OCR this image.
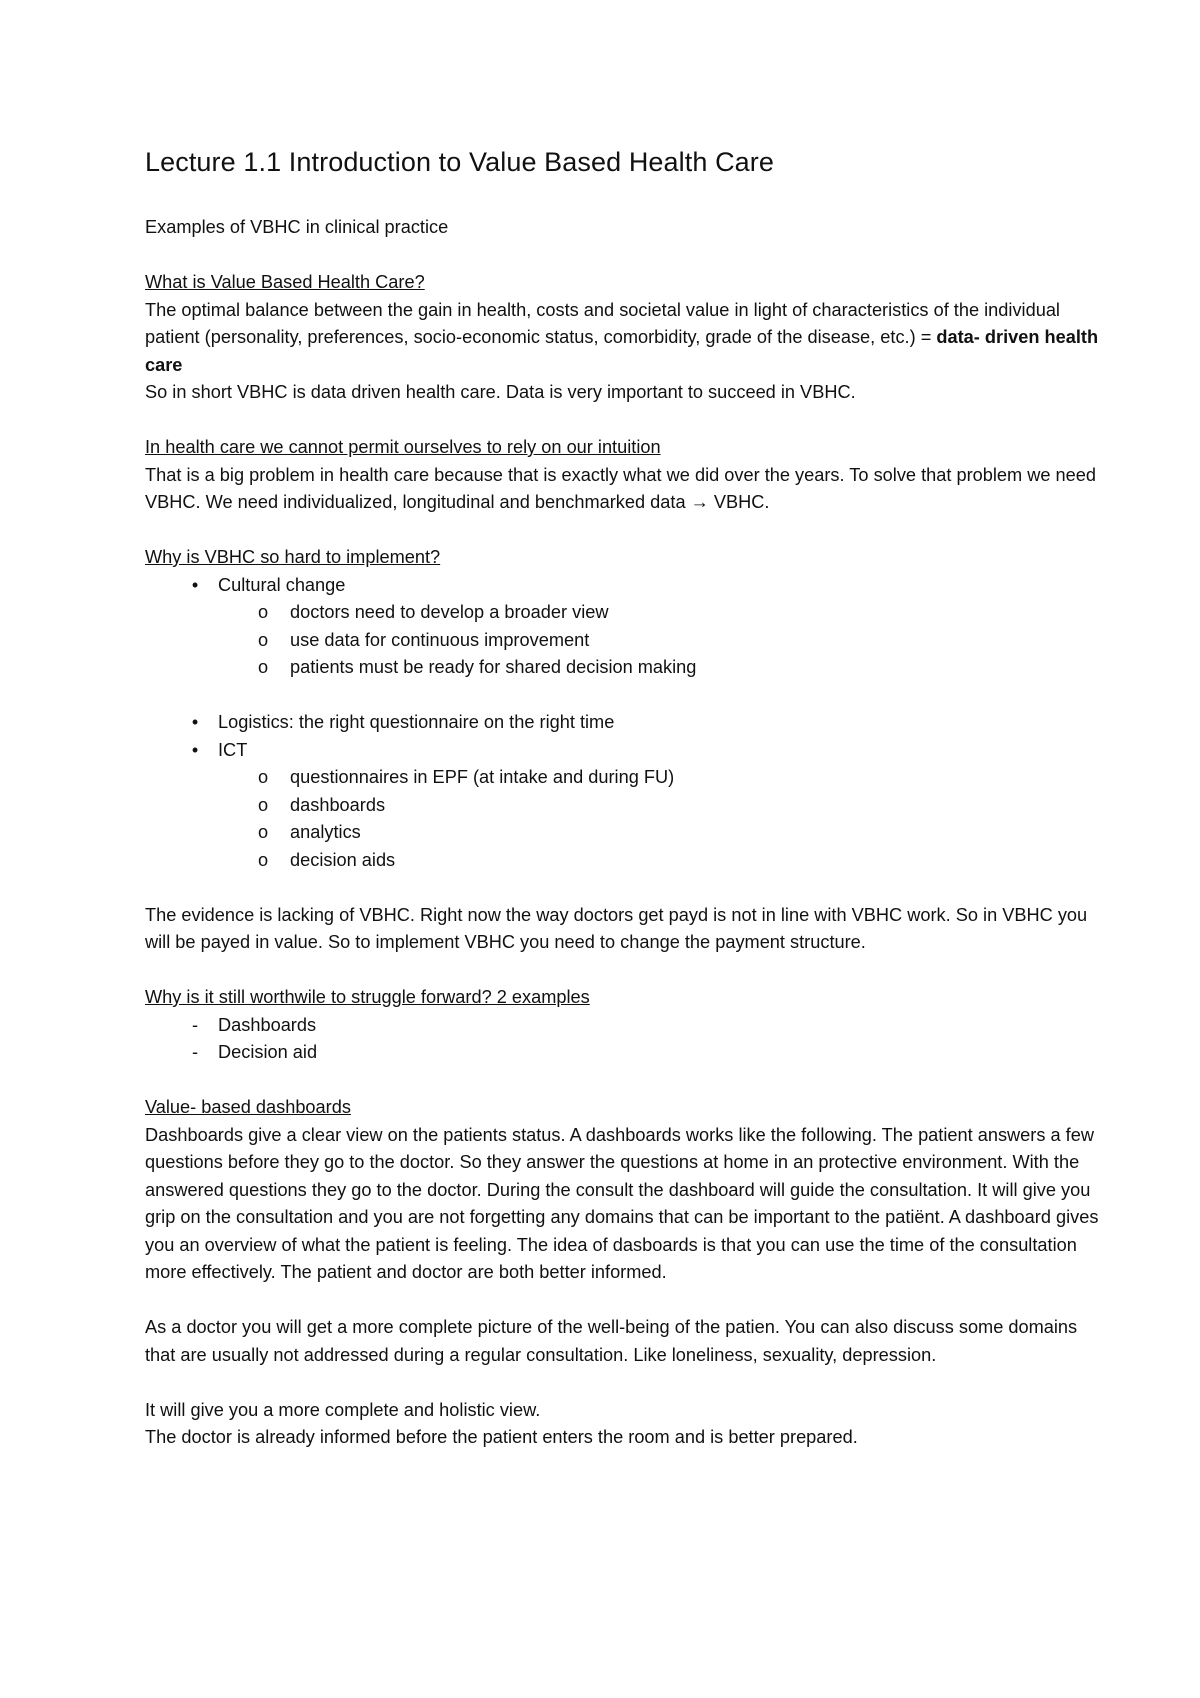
Lecture 1.1 Introduction to Value Based Health Care

Examples of VBHC in clinical practice

What is Value Based Health Care?

The optimal balance between the gain in health, costs and societal value in light of characteristics of the individual patient (personality, preferences, socio-economic status, comorbidity, grade of the disease, etc.) = data- driven health care

So in short VBHC is data driven health care. Data is very important to succeed in VBHC.

In health care we cannot permit ourselves to rely on our intuition

That is a big problem in health care because that is exactly what we did over the years. To solve that problem we need VBHC. We need individualized, longitudinal and benchmarked data → VBHC.

Why is VBHC so hard to implement?

•	Cultural change
o doctors need to develop a broader view
o use data for continuous improvement
o patients must be ready for shared decision making
•	Logistics: the right questionnaire on the right time
•	ICT
o questionnaires in EPF (at intake and during FU)
o dashboards
o analytics
o decision aids

The evidence is lacking of VBHC. Right now the way doctors get payd is not in line with VBHC work. So in VBHC you will be payed in value. So to implement VBHC you need to change the payment structure.

Why is it still worthwile to struggle forward? 2 examples

-	Dashboards
-	Decision aid

Value- based dashboards

Dashboards give a clear view on the patients status. A dashboards works like the following. The patient answers a few questions before they go to the doctor. So they answer the questions at home in an protective environment. With the answered questions they go to the doctor. During the consult the dashboard will guide the consultation. It will give you grip on the consultation and you are not forgetting any domains that can be important to the patiënt. A dashboard gives you an overview of what the patient is feeling. The idea of dasboards is that you can use the time of the consultation more effectively. The patient and doctor are both better informed.

As a doctor you will get a more complete picture of the well-being of the patien. You can also discuss some domains that are usually not addressed during a regular consultation. Like loneliness, sexuality, depression.

It will give you a more complete and holistic view.

The doctor is already informed before the patient enters the room and is better prepared.
